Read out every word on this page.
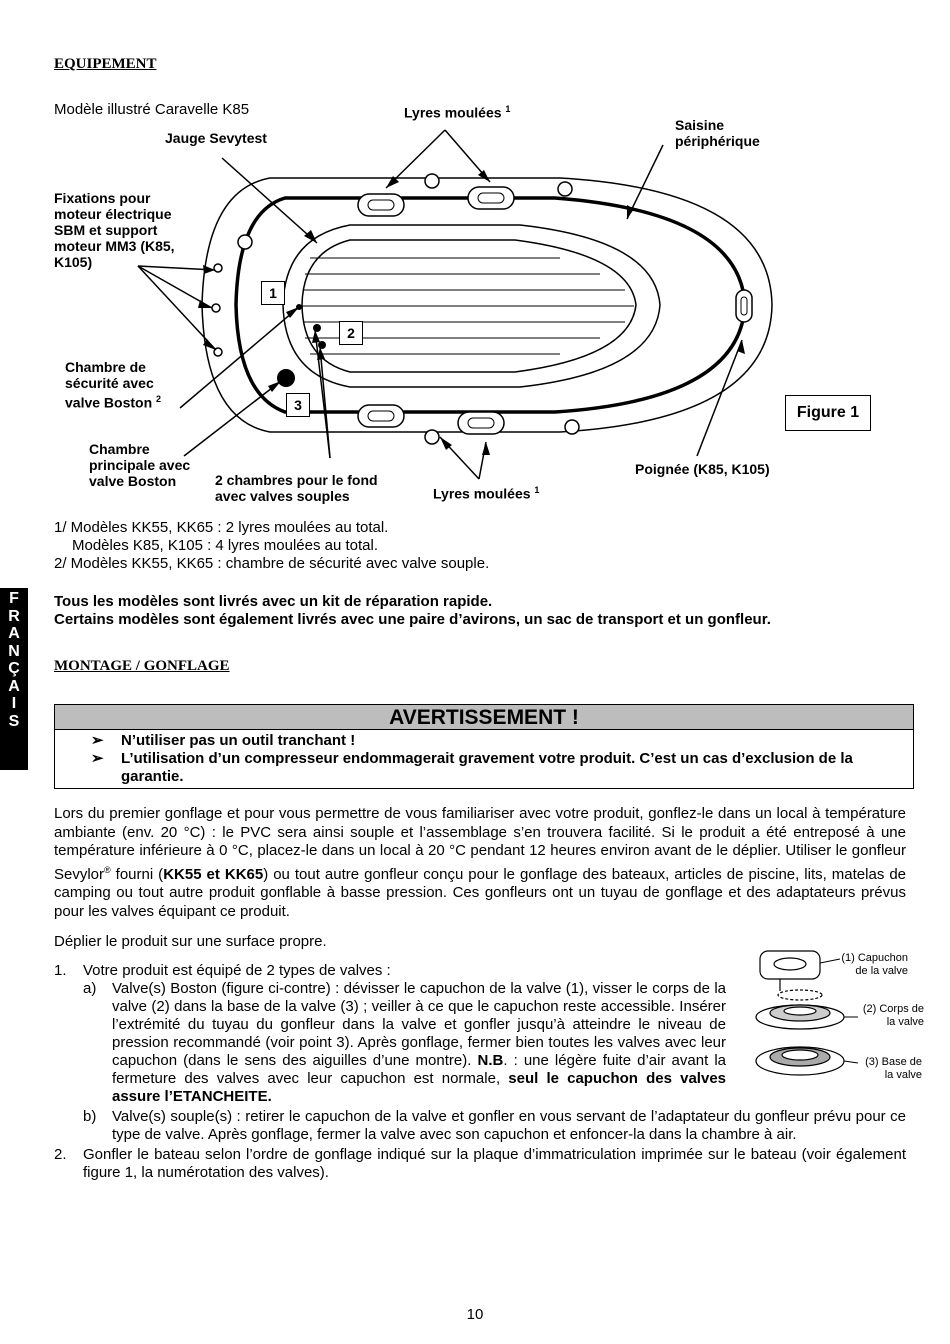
EQUIPEMENT
Modèle illustré Caravelle K85
Jauge Sevytest
Lyres moulées $^1$
Saisine
périphérique
Fixations pour
moteur électrique
SBM et support
moteur MM3 (K85,
K105)
Chambre de
sécurité avec
valve Boston $^2$
Chambre
principale avec
valve Boston	2 chambres pour le fond
avec valves souples	Lyres moulées $^1$
Poignée (K85, K105)
1
2
3	Figure 1
1/ Modèles KK55, KK65 : 2 lyres moulées au total.
Modèles K85, K105 : 4 lyres moulées au total.
2/ Modèles KK55, KK65 : chambre de sécurité avec valve souple.
F
R
A
N
Ç
A
I
S
Tous les modèles sont livrés avec un kit de réparation rapide.
Certains modèles sont également livrés avec une paire d’avirons, un sac de transport et un gonfleur.
MONTAGE / GONFLAGE
AVERTISSEMENT !
➢ N’utiliser pas un outil tranchant !
➢ L’utilisation d’un compresseur endommagerait gravement votre produit. C’est un cas d’exclusion de la garantie.
Lors du premier gonflage et pour vous permettre de vous familiariser avec votre produit, gonflez-le dans un local à température ambiante (env. 20 °C) : le PVC sera ainsi souple et l’assemblage s’en trouvera facilité. Si le produit a été entreposé à une température inférieure à 0 °C, placez-le dans un local à 20 °C pendant 12 heures environ avant de le déplier. Utiliser le gonfleur Sevylor® fourni (KK55 et KK65) ou tout autre gonfleur conçu pour le gonflage des bateaux, articles de piscine, lits, matelas de camping ou tout autre produit gonflable à basse pression. Ces gonfleurs ont un tuyau de gonflage et des adaptateurs prévus pour les valves équipant ce produit.
Déplier le produit sur une surface propre.
1. Votre produit est équipé de 2 types de valves :
a) Valve(s) Boston (figure ci-contre) : dévisser le capuchon de la valve (1), visser le corps de la valve (2) dans la base de la valve (3) ; veiller à ce que le capuchon reste accessible. Insérer l’extrémité du tuyau du gonfleur dans la valve et gonfler jusqu’à atteindre le niveau de pression recommandé (voir point 3). Après gonflage, fermer bien toutes les valves avec leur capuchon (dans le sens des aiguilles d’une montre). N.B. : une légère fuite d’air avant la fermeture des valves avec leur capuchon est normale, seul le capuchon des valves assure l’ETANCHEITE.
b) Valve(s) souple(s) : retirer le capuchon de la valve et gonfler en vous servant de l’adaptateur du gonfleur prévu pour ce type de valve. Après gonflage, fermer la valve avec son capuchon et enfoncer-la dans la chambre à air.
2. Gonfler le bateau selon l’ordre de gonflage indiqué sur la plaque d’immatriculation imprimée sur le bateau (voir également figure 1, la numérotation des valves).
(1) Capuchon
de la valve
(2) Corps de
la valve
(3) Base de
la valve
10
